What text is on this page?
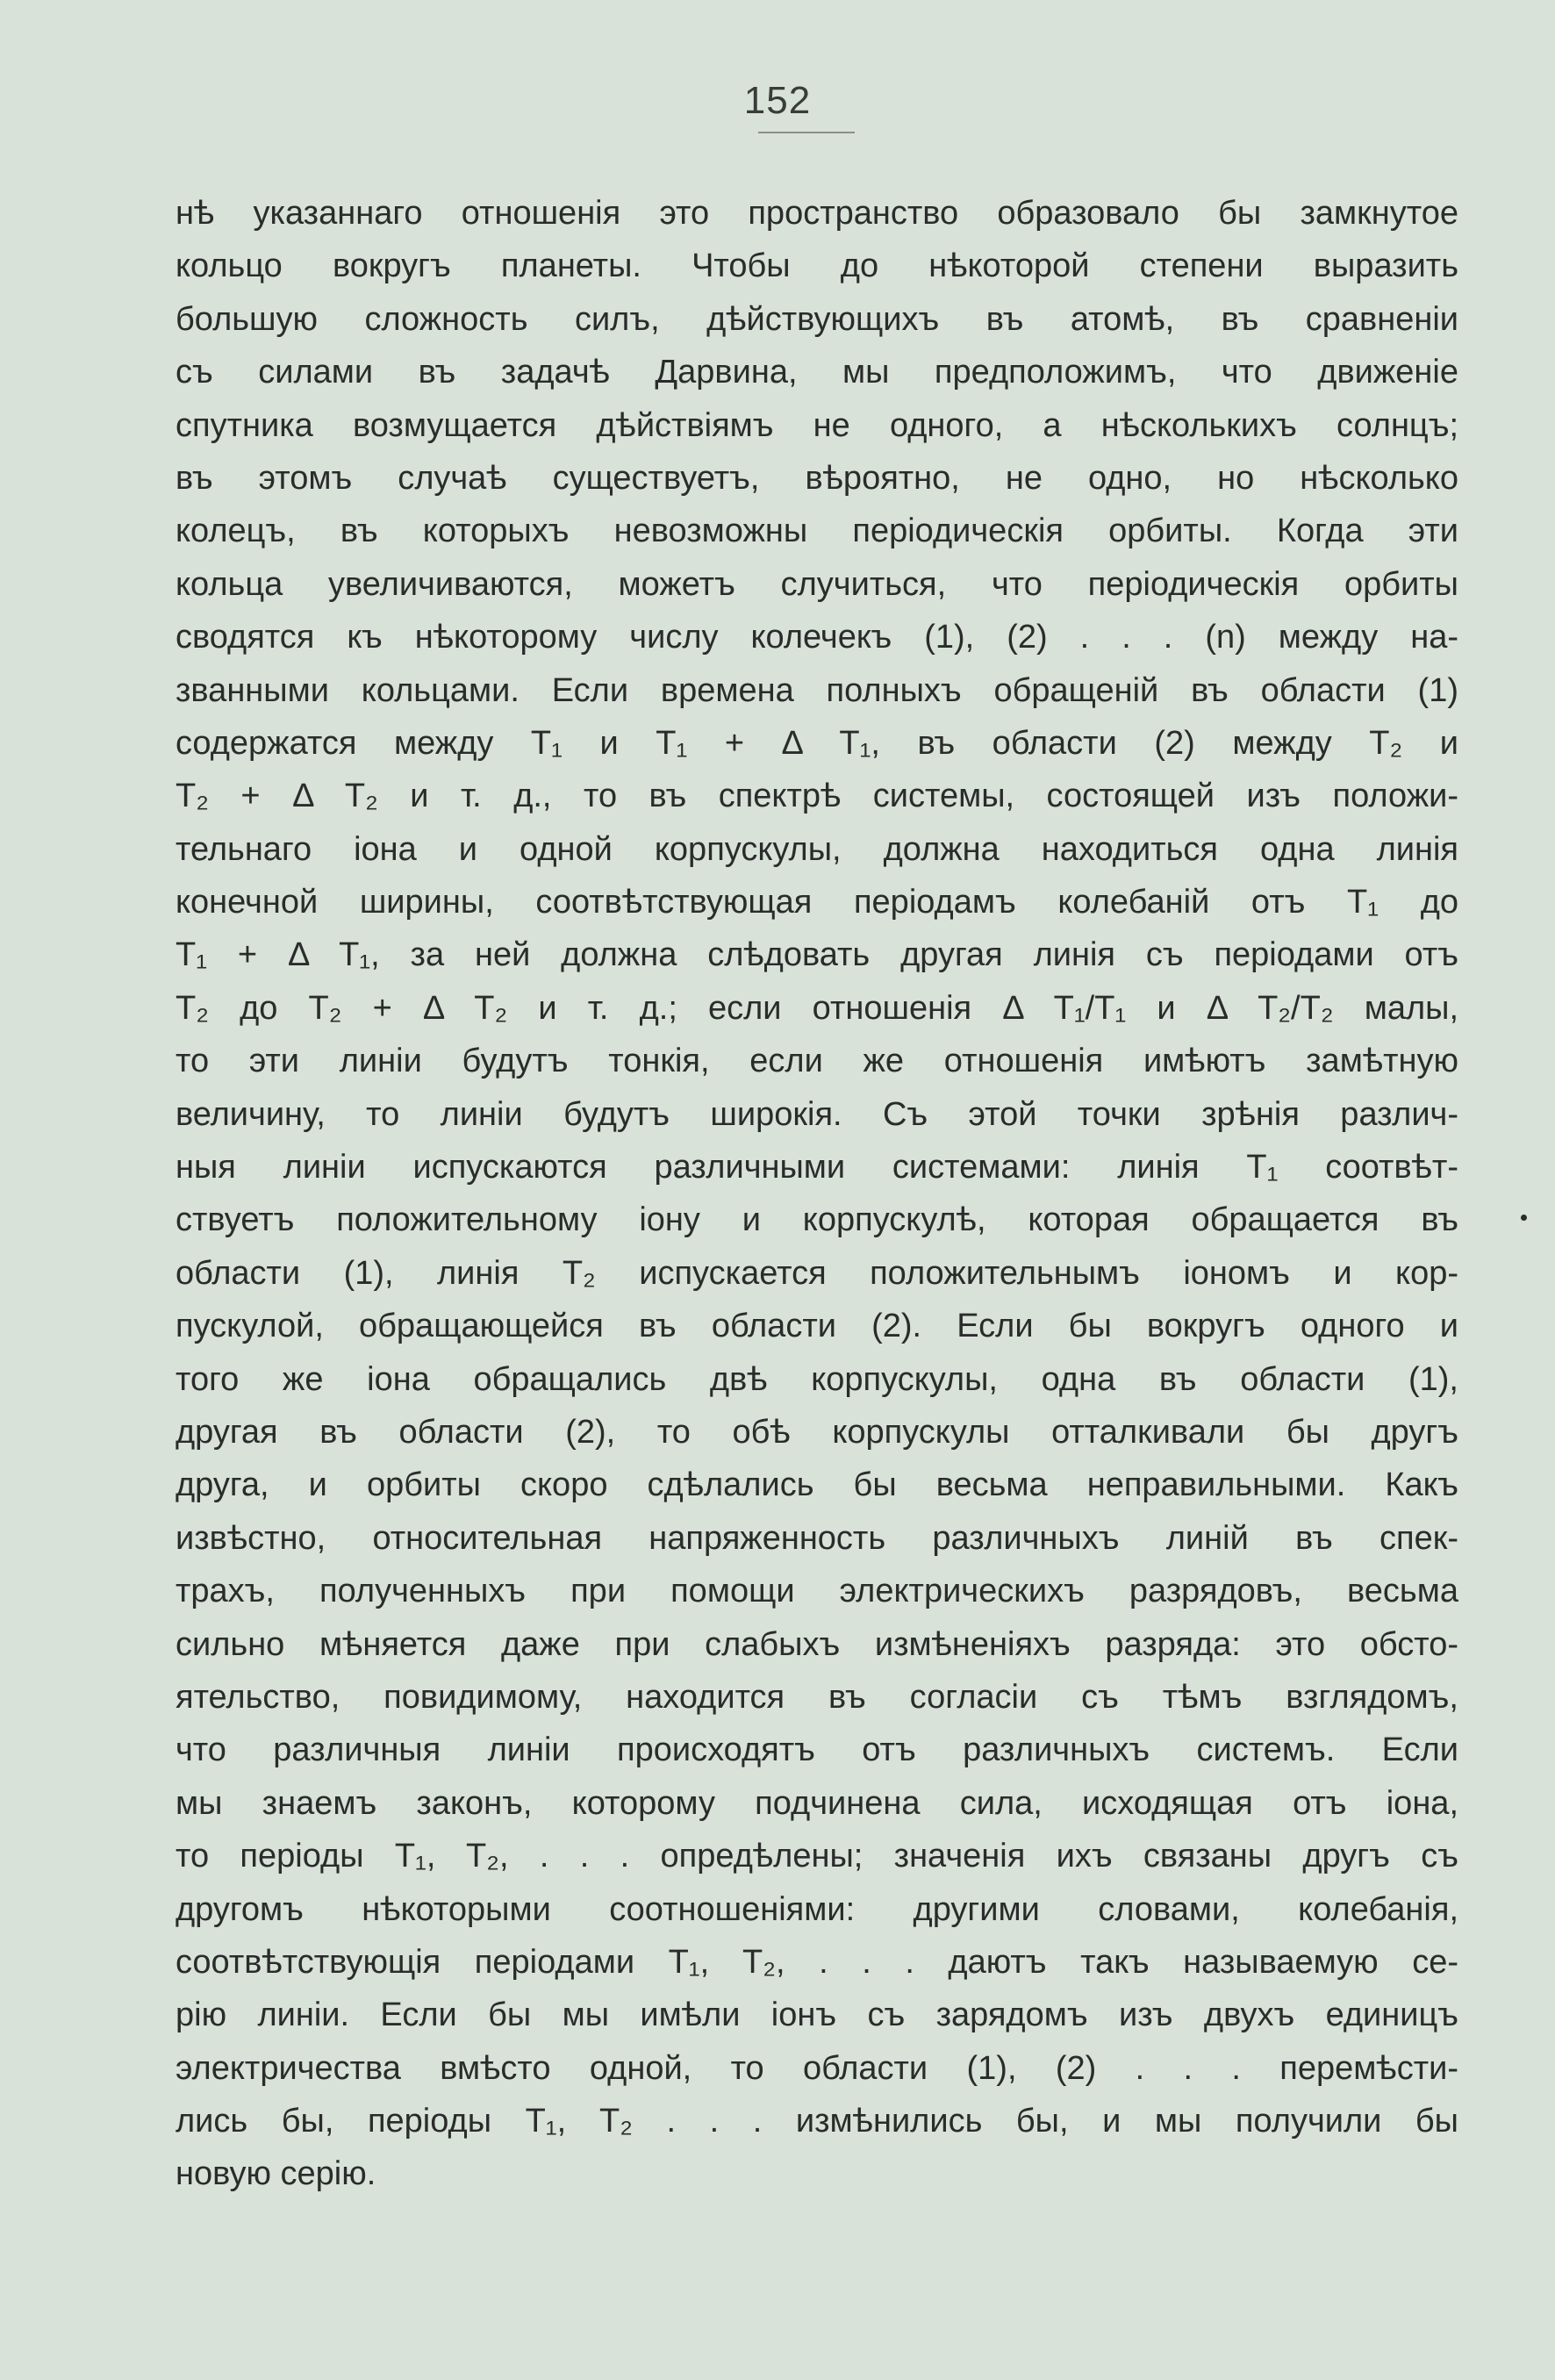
152
нѣ указаннаго отношенія это пространство образовало бы замкнутое
кольцо вокругъ планеты. Чтобы до нѣкоторой степени выразить
большую сложность силъ, дѣйствующихъ въ атомѣ, въ сравненіи
съ силами въ задачѣ Дарвина, мы предположимъ, что движеніе
спутника возмущается дѣйствіямъ не одного, а нѣсколькихъ солнцъ;
въ этомъ случаѣ существуетъ, вѣроятно, не одно, но нѣсколько
колецъ, въ которыхъ невозможны періодическія орбиты. Когда эти
кольца увеличиваются, можетъ случиться, что періодическія орбиты
сводятся къ нѣкоторому числу колечекъ (1), (2) . . . (n) между на-
званными кольцами. Если времена полныхъ обращеній въ области (1)
содержатся между T₁ и T₁ + Δ T₁, въ области (2) между T₂ и
T₂ + Δ T₂ и т. д., то въ спектрѣ системы, состоящей изъ положи-
тельнаго іона и одной корпускулы, должна находиться одна линія
конечной ширины, соотвѣтствующая періодамъ колебаній отъ T₁ до
T₁ + Δ T₁, за ней должна слѣдовать другая линія съ періодами отъ
T₂ до T₂ + Δ T₂ и т. д.; если отношенія Δ T₁/T₁ и Δ T₂/T₂ малы,
то эти линіи будутъ тонкія, если же отношенія имѣютъ замѣтную
величину, то линіи будутъ широкія. Съ этой точки зрѣнія различ-
ныя линіи испускаются различными системами: линія T₁ соотвѣт-
ствуетъ положительному іону и корпускулѣ, которая обращается въ
области (1), линія T₂ испускается положительнымъ іономъ и кор-
пускулой, обращающейся въ области (2). Если бы вокругъ одного и
того же іона обращались двѣ корпускулы, одна въ области (1),
другая въ области (2), то обѣ корпускулы отталкивали бы другъ
друга, и орбиты скоро сдѣлались бы весьма неправильными. Какъ
извѣстно, относительная напряженность различныхъ линій въ спек-
трахъ, полученныхъ при помощи электрическихъ разрядовъ, весьма
сильно мѣняется даже при слабыхъ измѣненіяхъ разряда: это обсто-
ятельство, повидимому, находится въ согласіи съ тѣмъ взглядомъ,
что различныя линіи происходятъ отъ различныхъ системъ. Если
мы знаемъ законъ, которому подчинена сила, исходящая отъ іона,
то періоды T₁, T₂, . . . опредѣлены; значенія ихъ связаны другъ съ
другомъ нѣкоторыми соотношеніями: другими словами, колебанія,
соотвѣтствующія періодами T₁, T₂, . . . даютъ такъ называемую се-
рію линіи. Если бы мы имѣли іонъ съ зарядомъ изъ двухъ единицъ
электричества вмѣсто одной, то области (1), (2) . . . перемѣсти-
лись бы, періоды T₁, T₂ . . . измѣнились бы, и мы получили бы
новую серію.
